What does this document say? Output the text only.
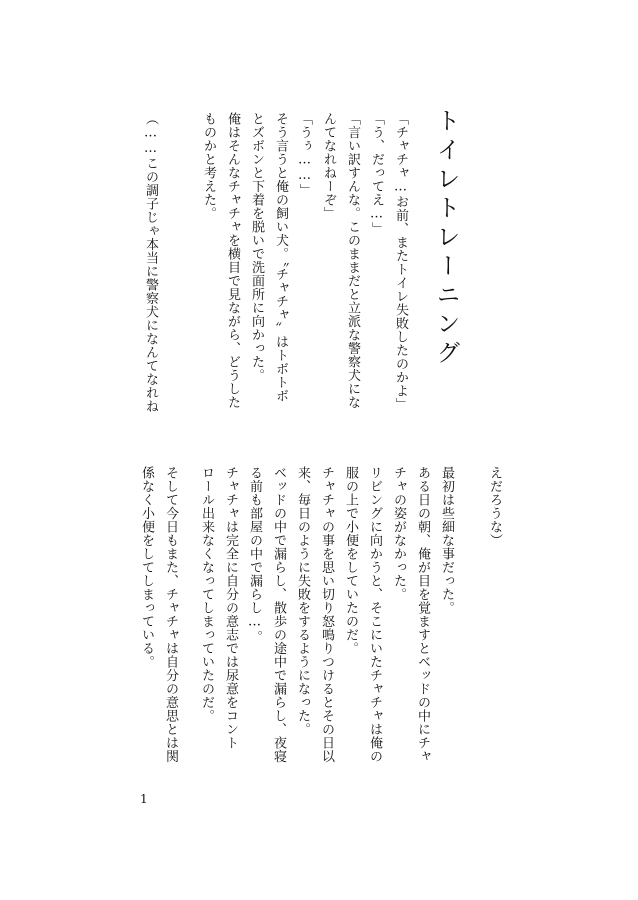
トイレトレーニング
「チャチャ…お前、またトイレ失敗したのかよ」
「う、だってえ…」
「言い訳すんな。このままだと立派な警察犬にな
んてなれねーぞ」
「うぅ……」
そう言うと俺の飼い犬。〝チャチャ〟はトボトボ
とズボンと下着を脱いで洗面所に向かった。
俺はそんなチャチャを横目で見ながら、どうした
ものかと考えた。
（……この調子じゃ本当に警察犬になんてなれね
えだろうな）
最初は些細な事だった。
ある日の朝、俺が目を覚ますとベッドの中にチャ
チャの姿がなかった。
リビングに向かうと、そこにいたチャチャは俺の
服の上で小便をしていたのだ。
チャチャの事を思い切り怒鳴りつけるとその日以
来、毎日のように失敗をするようになった。
ベッドの中で漏らし、散歩の途中で漏らし、夜寝
る前も部屋の中で漏らし…。
チャチャは完全に自分の意志では尿意をコント
ロール出来なくなってしまっていたのだ。
そして今日もまた、チャチャは自分の意思とは関
係なく小便をしてしまっている。
1
